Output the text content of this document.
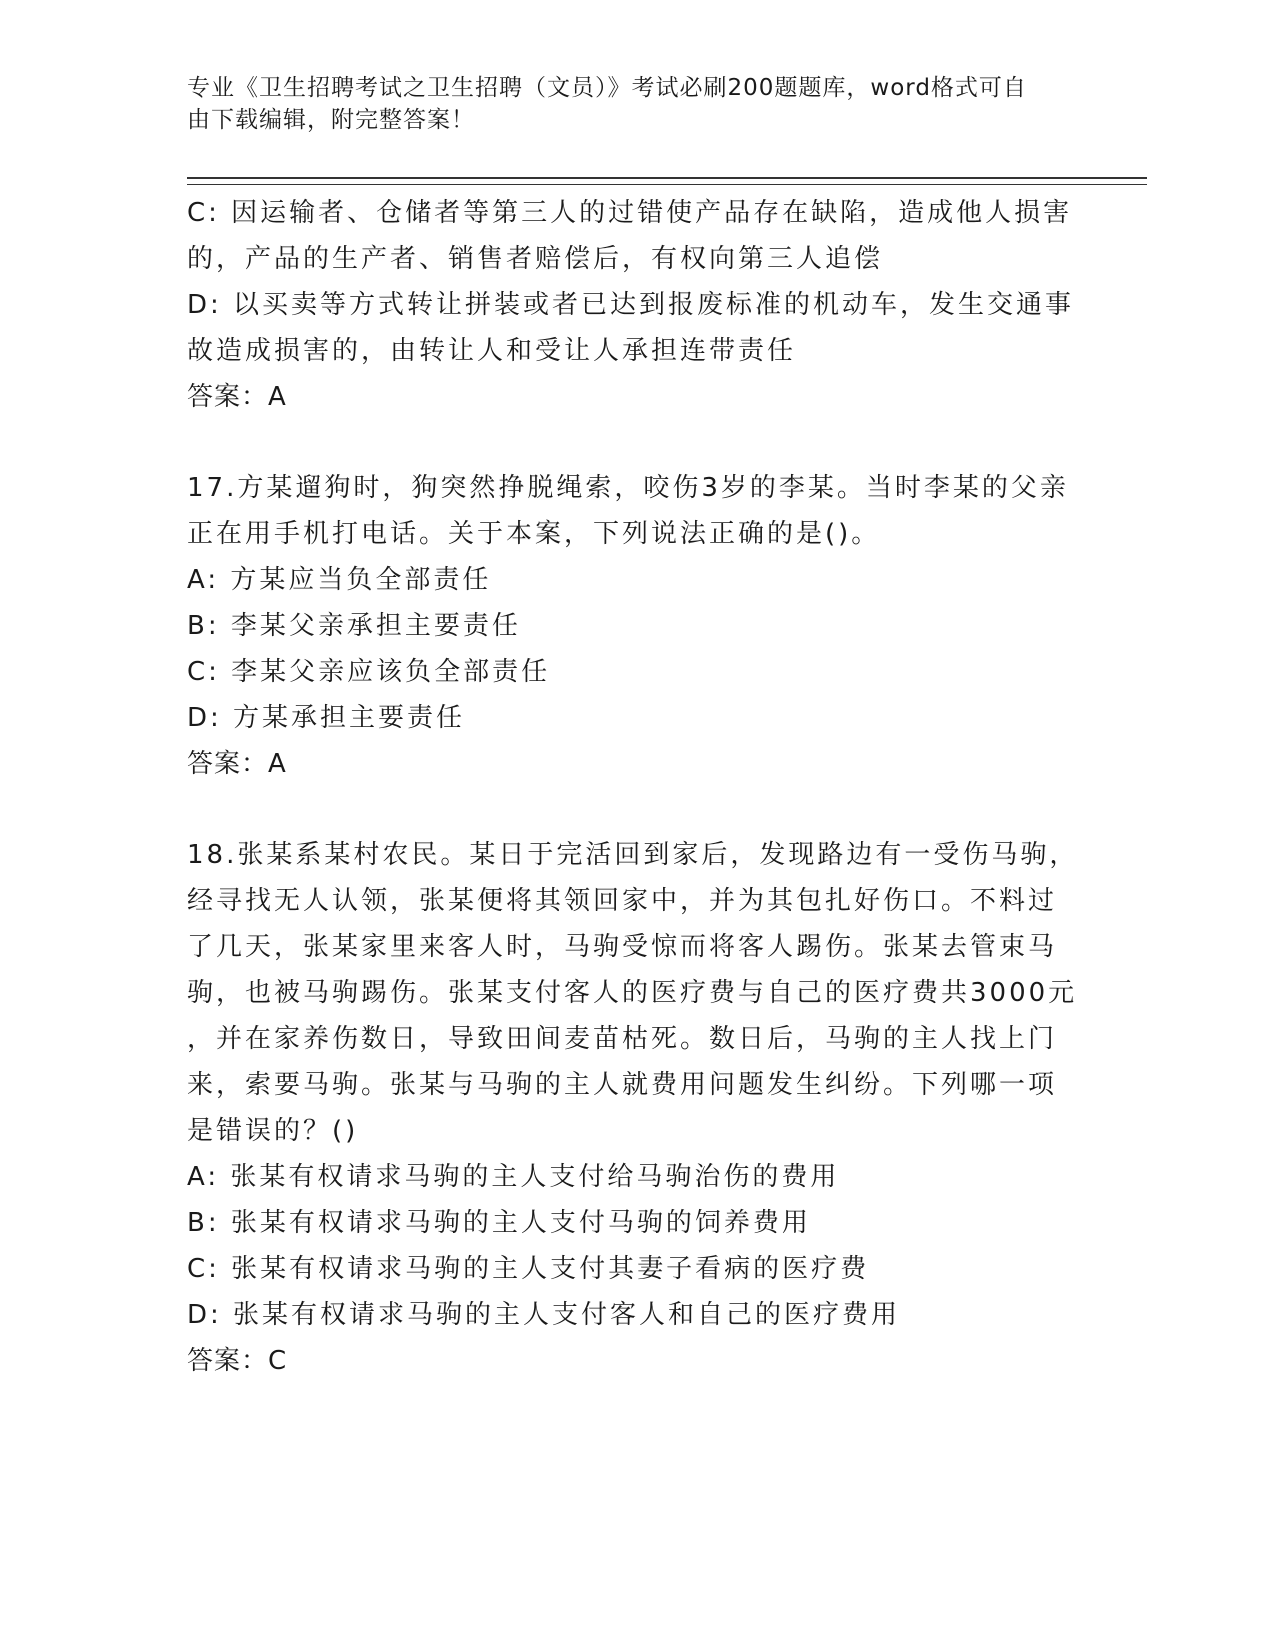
专业《卫生招聘考试之卫生招聘（文员）》考试必刷200题题库，word格式可自
由下载编辑，附完整答案！
C: 因运输者、仓储者等第三人的过错使产品存在缺陷，造成他人损害
的，产品的生产者、销售者赔偿后，有权向第三人追偿
D: 以买卖等方式转让拼装或者已达到报废标准的机动车，发生交通事
故造成损害的，由转让人和受让人承担连带责任
答案：A
17.方某遛狗时，狗突然挣脱绳索，咬伤3岁的李某。当时李某的父亲
正在用手机打电话。关于本案，下列说法正确的是()。
A: 方某应当负全部责任
B: 李某父亲承担主要责任
C: 李某父亲应该负全部责任
D: 方某承担主要责任
答案：A
18.张某系某村农民。某日于完活回到家后，发现路边有一受伤马驹，
经寻找无人认领，张某便将其领回家中，并为其包扎好伤口。不料过
了几天，张某家里来客人时，马驹受惊而将客人踢伤。张某去管束马
驹，也被马驹踢伤。张某支付客人的医疗费与自己的医疗费共3000元
，并在家养伤数日，导致田间麦苗枯死。数日后，马驹的主人找上门
来，索要马驹。张某与马驹的主人就费用问题发生纠纷。下列哪一项
是错误的？()
A: 张某有权请求马驹的主人支付给马驹治伤的费用
B: 张某有权请求马驹的主人支付马驹的饲养费用
C: 张某有权请求马驹的主人支付其妻子看病的医疗费
D: 张某有权请求马驹的主人支付客人和自己的医疗费用
答案：C
